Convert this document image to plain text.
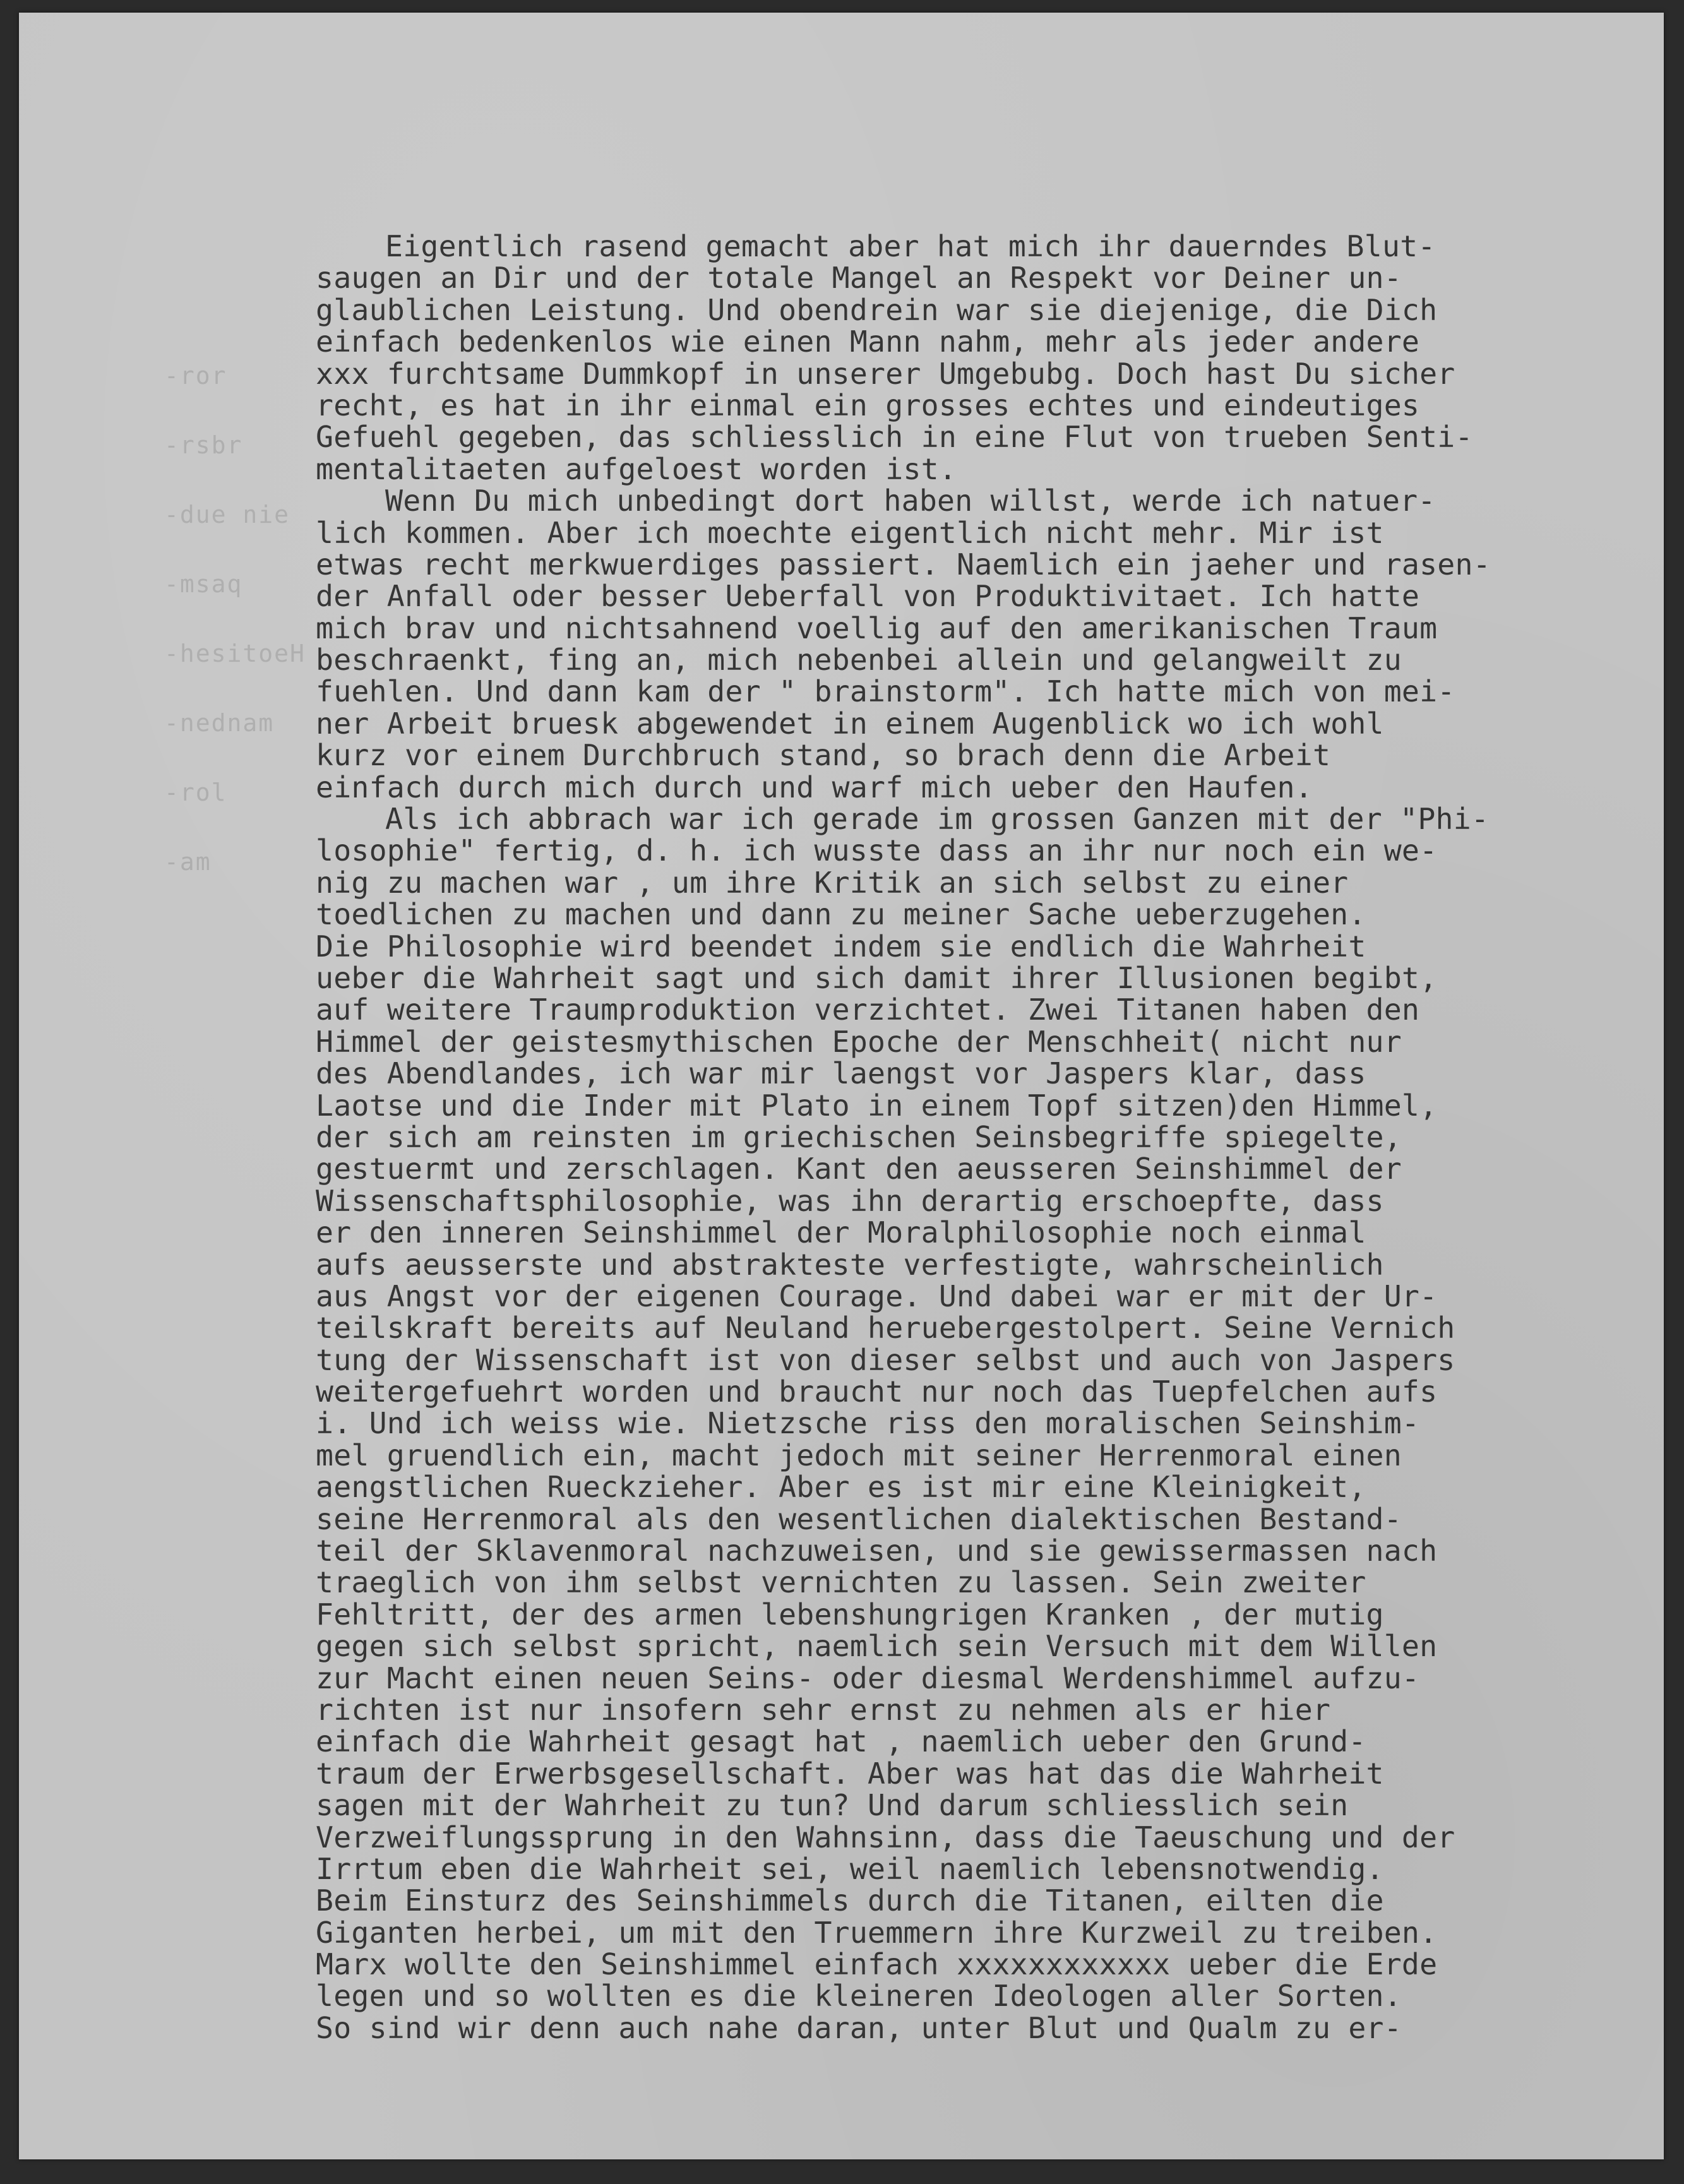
-ror
-rsbr
-due nie
-msaq
-hesitoeH
-nednam
-rol
-am
Eigentlich rasend gemacht aber hat mich ihr dauerndes Blut-
saugen an Dir und der totale Mangel an Respekt vor Deiner un-
glaublichen Leistung. Und obendrein war sie diejenige, die Dich
einfach bedenkenlos wie einen Mann nahm, mehr als jeder andere
xxx furchtsame Dummkopf in unserer Umgebubg. Doch hast Du sicher
recht, es hat in ihr einmal ein grosses echtes und eindeutiges
Gefuehl gegeben, das schliesslich in eine Flut von trueben Senti-
mentalitaeten aufgeloest worden ist.
Wenn Du mich unbedingt dort haben willst, werde ich natuer-
lich kommen. Aber ich moechte eigentlich nicht mehr. Mir ist
etwas recht merkwuerdiges passiert. Naemlich ein jaeher und rasen-
der Anfall oder besser Ueberfall von Produktivitaet. Ich hatte
mich brav und nichtsahnend voellig auf den amerikanischen Traum
beschraenkt, fing an, mich nebenbei allein und gelangweilt zu
fuehlen. Und dann kam der " brainstorm". Ich hatte mich von mei-
ner Arbeit bruesk abgewendet in einem Augenblick wo ich wohl
kurz vor einem Durchbruch stand, so brach denn die Arbeit
einfach durch mich durch und warf mich ueber den Haufen.
Als ich abbrach war ich gerade im grossen Ganzen mit der "Phi-
losophie" fertig, d. h. ich wusste dass an ihr nur noch ein we-
nig zu machen war , um ihre Kritik an sich selbst zu einer
toedlichen zu machen und dann zu meiner Sache ueberzugehen.
Die Philosophie wird beendet indem sie endlich die Wahrheit
ueber die Wahrheit sagt und sich damit ihrer Illusionen begibt,
auf weitere Traumproduktion verzichtet. Zwei Titanen haben den
Himmel der geistesmythischen Epoche der Menschheit( nicht nur
des Abendlandes, ich war mir laengst vor Jaspers klar, dass
Laotse und die Inder mit Plato in einem Topf sitzen)den Himmel,
der sich am reinsten im griechischen Seinsbegriffe spiegelte,
gestuermt und zerschlagen. Kant den aeusseren Seinshimmel der
Wissenschaftsphilosophie, was ihn derartig erschoepfte, dass
er den inneren Seinshimmel der Moralphilosophie noch einmal
aufs aeusserste und abstrakteste verfestigte, wahrscheinlich
aus Angst vor der eigenen Courage. Und dabei war er mit der Ur-
teilskraft bereits auf Neuland heruebergestolpert. Seine Vernich
tung der Wissenschaft ist von dieser selbst und auch von Jaspers
weitergefuehrt worden und braucht nur noch das Tuepfelchen aufs
i. Und ich weiss wie. Nietzsche riss den moralischen Seinshim-
mel gruendlich ein, macht jedoch mit seiner Herrenmoral einen
aengstlichen Rueckzieher. Aber es ist mir eine Kleinigkeit,
seine Herrenmoral als den wesentlichen dialektischen Bestand-
teil der Sklavenmoral nachzuweisen, und sie gewissermassen nach
traeglich von ihm selbst vernichten zu lassen. Sein zweiter
Fehltritt, der des armen lebenshungrigen Kranken , der mutig
gegen sich selbst spricht, naemlich sein Versuch mit dem Willen
zur Macht einen neuen Seins- oder diesmal Werdenshimmel aufzu-
richten ist nur insofern sehr ernst zu nehmen als er hier
einfach die Wahrheit gesagt hat , naemlich ueber den Grund-
traum der Erwerbsgesellschaft. Aber was hat das die Wahrheit
sagen mit der Wahrheit zu tun? Und darum schliesslich sein
Verzweiflungssprung in den Wahnsinn, dass die Taeuschung und der
Irrtum eben die Wahrheit sei, weil naemlich lebensnotwendig.
Beim Einsturz des Seinshimmels durch die Titanen, eilten die
Giganten herbei, um mit den Truemmern ihre Kurzweil zu treiben.
Marx wollte den Seinshimmel einfach xxxxxxxxxxxx ueber die Erde
legen und so wollten es die kleineren Ideologen aller Sorten.
So sind wir denn auch nahe daran, unter Blut und Qualm zu er-
